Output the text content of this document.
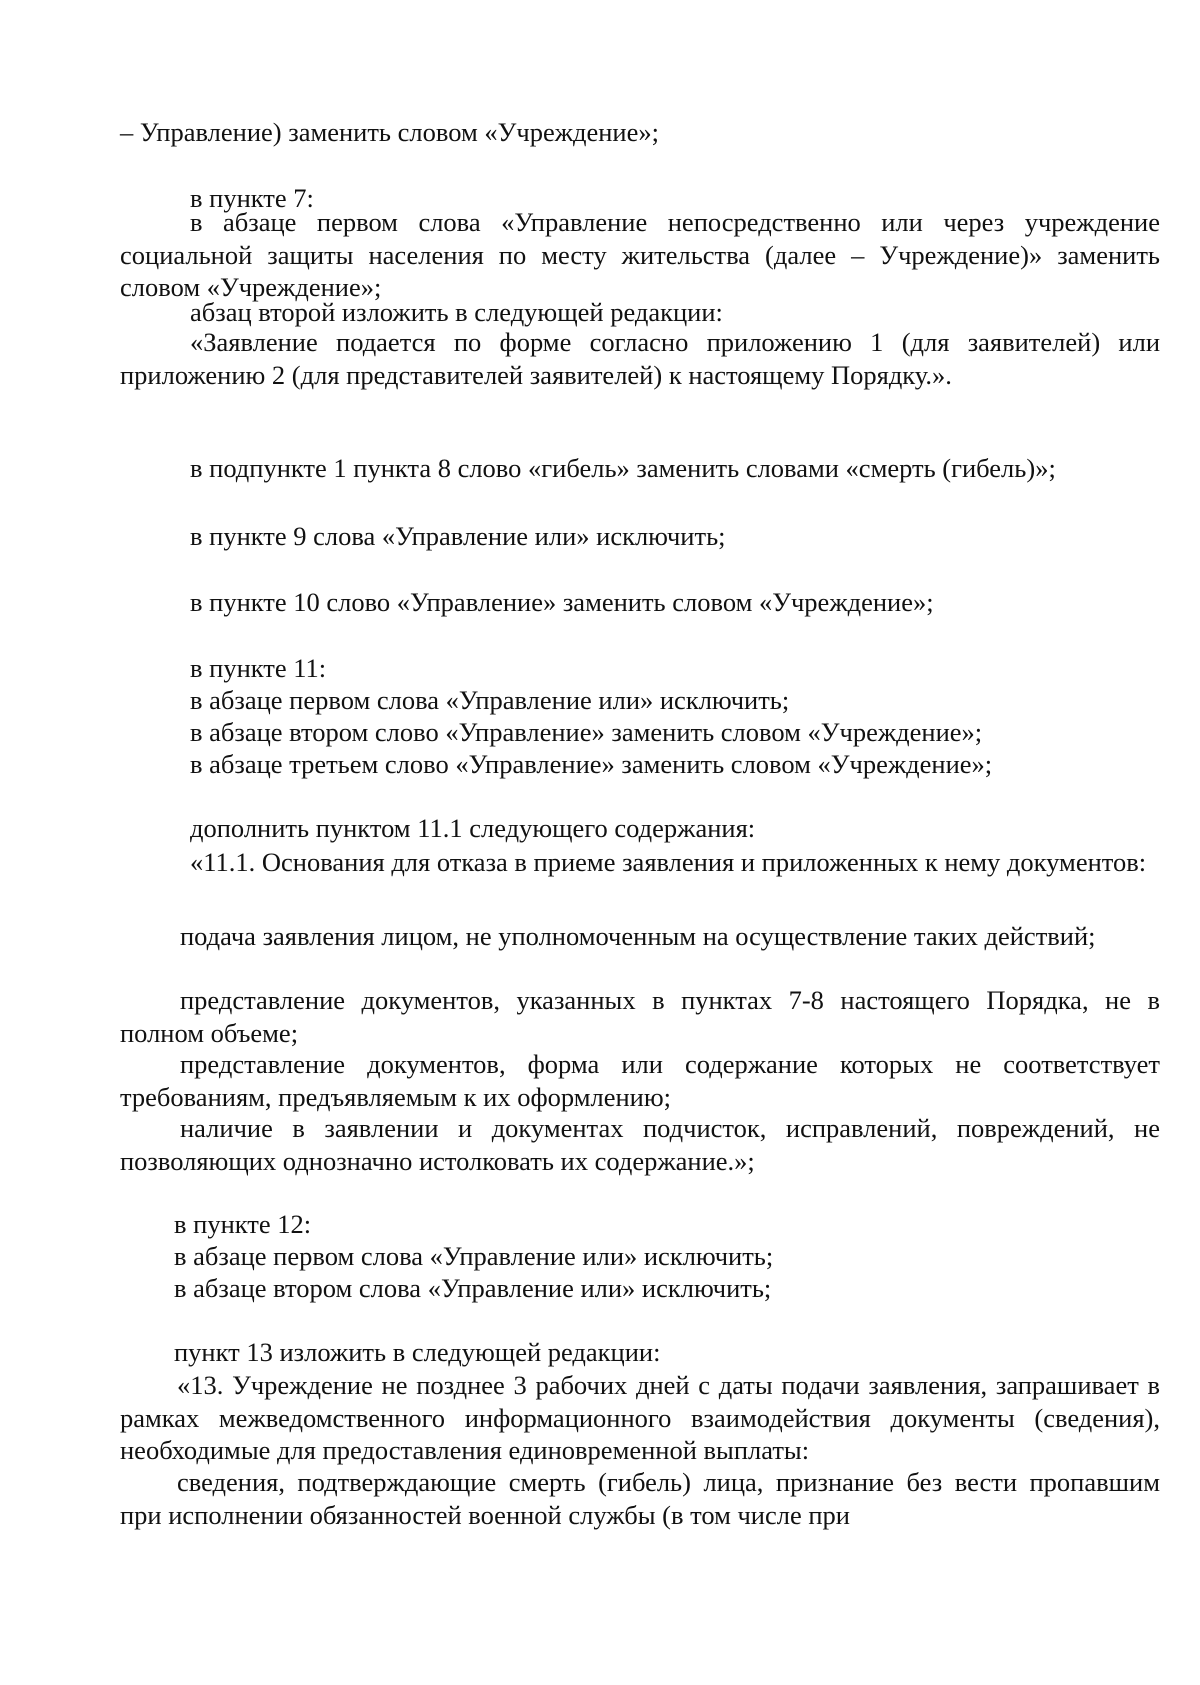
– Управление) заменить словом «Учреждение»;
в пункте 7:
в абзаце первом слова «Управление непосредственно или через учреждение социальной защиты населения по месту жительства (далее – Учреждение)» заменить словом «Учреждение»;
абзац второй изложить в следующей редакции:
«Заявление подается по форме согласно приложению 1 (для заявителей) или приложению 2 (для представителей заявителей) к настоящему Порядку.».
в подпункте 1 пункта 8 слово «гибель» заменить словами «смерть (гибель)»;
в пункте 9 слова «Управление или» исключить;
в пункте 10 слово «Управление» заменить словом «Учреждение»;
в пункте 11:
в абзаце первом слова «Управление или» исключить;
в абзаце втором слово «Управление» заменить словом «Учреждение»;
в абзаце третьем слово «Управление» заменить словом «Учреждение»;
дополнить пунктом 11.1 следующего содержания:
«11.1. Основания для отказа в приеме заявления и приложенных к нему документов:
подача заявления лицом, не уполномоченным на осуществление таких действий;
представление документов, указанных в пунктах 7-8 настоящего Порядка, не в полном объеме;
представление документов, форма или содержание которых не соответствует требованиям, предъявляемым к их оформлению;
наличие в заявлении и документах подчисток, исправлений, повреждений, не позволяющих однозначно истолковать их содержание.»;
в пункте 12:
в абзаце первом слова «Управление или» исключить;
в абзаце втором слова «Управление или» исключить;
пункт 13 изложить в следующей редакции:
«13. Учреждение не позднее 3 рабочих дней с даты подачи заявления, запрашивает в рамках межведомственного информационного взаимодействия документы (сведения), необходимые для предоставления единовременной выплаты:
сведения, подтверждающие смерть (гибель) лица, признание без вести пропавшим при исполнении обязанностей военной службы (в том числе при
